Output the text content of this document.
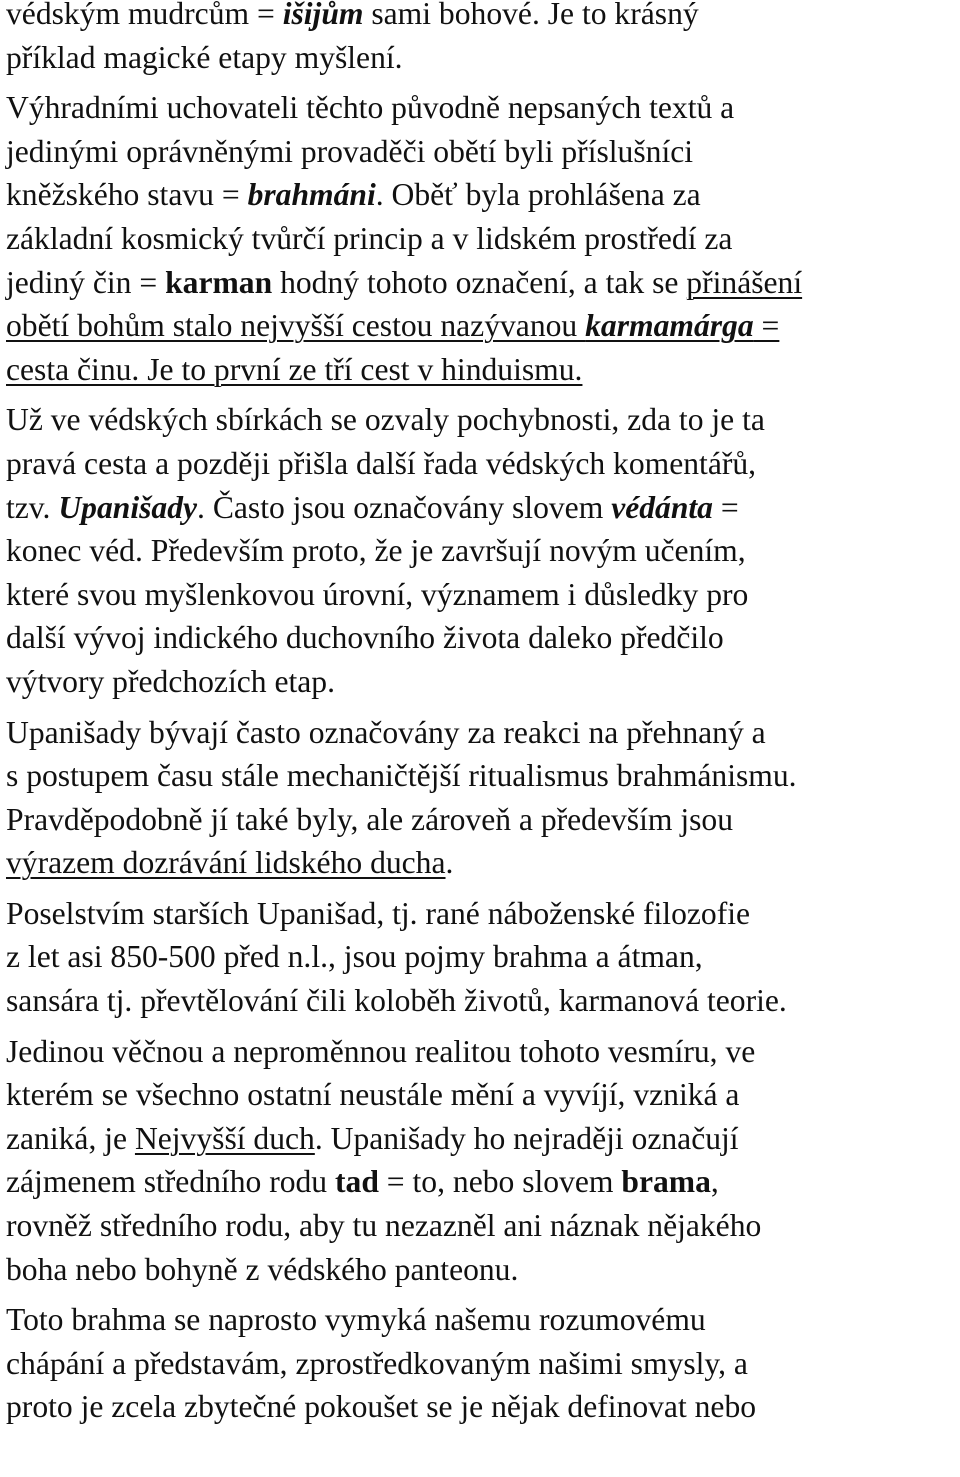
védským mudrcům = išijům sami bohové. Je to krásný
příklad magické etapy myšlení.
Výhradními uchovateli těchto původně nepsaných textů a
jedinými oprávněnými provaděči obětí byli příslušníci
kněžského stavu = brahmáni. Oběť byla prohlášena za
základní kosmický tvůrčí princip a v lidském prostředí za
jediný čin = karman hodný tohoto označení, a tak se přinášení
obětí bohům stalo nejvyšší cestou nazývanou karmamárga =
cesta činu. Je to první ze tří cest v hinduismu.
Už ve védských sbírkách se ozvaly pochybnosti, zda to je ta
pravá cesta a později přišla další řada védských komentářů,
tzv. Upanišady. Často jsou označovány slovem védánta =
konec véd. Především proto, že je završují novým učením,
které svou myšlenkovou úrovní, významem i důsledky pro
další vývoj indického duchovního života daleko předčilo
výtvory předchozích etap.
Upanišady bývají často označovány za reakci na přehnaný a
s postupem času stále mechaničtější ritualismus brahmánismu.
Pravděpodobně jí také byly, ale zároveň a především jsou
výrazem dozrávání lidského ducha.
Poselstvím starších Upanišad, tj. rané náboženské filozofie
z let asi 850-500 před n.l., jsou pojmy brahma a átman,
sansára tj. převtělování čili koloběh životů, karmanová teorie.
Jedinou věčnou a neproměnnou realitou tohoto vesmíru, ve
kterém se všechno ostatní neustále mění a vyvíjí, vzniká a
zaniká, je Nejvyšší duch. Upanišady ho nejraději označují
zájmenem středního rodu tad = to, nebo slovem brama,
rovněž středního rodu, aby tu nezazněl ani náznak nějakého
boha nebo bohyně z védského panteonu.
Toto brahma se naprosto vymyká našemu rozumovému
chápání a představám, zprostředkovaným našimi smysly, a
proto je zcela zbytečné pokoušet se je nějak definovat nebo
